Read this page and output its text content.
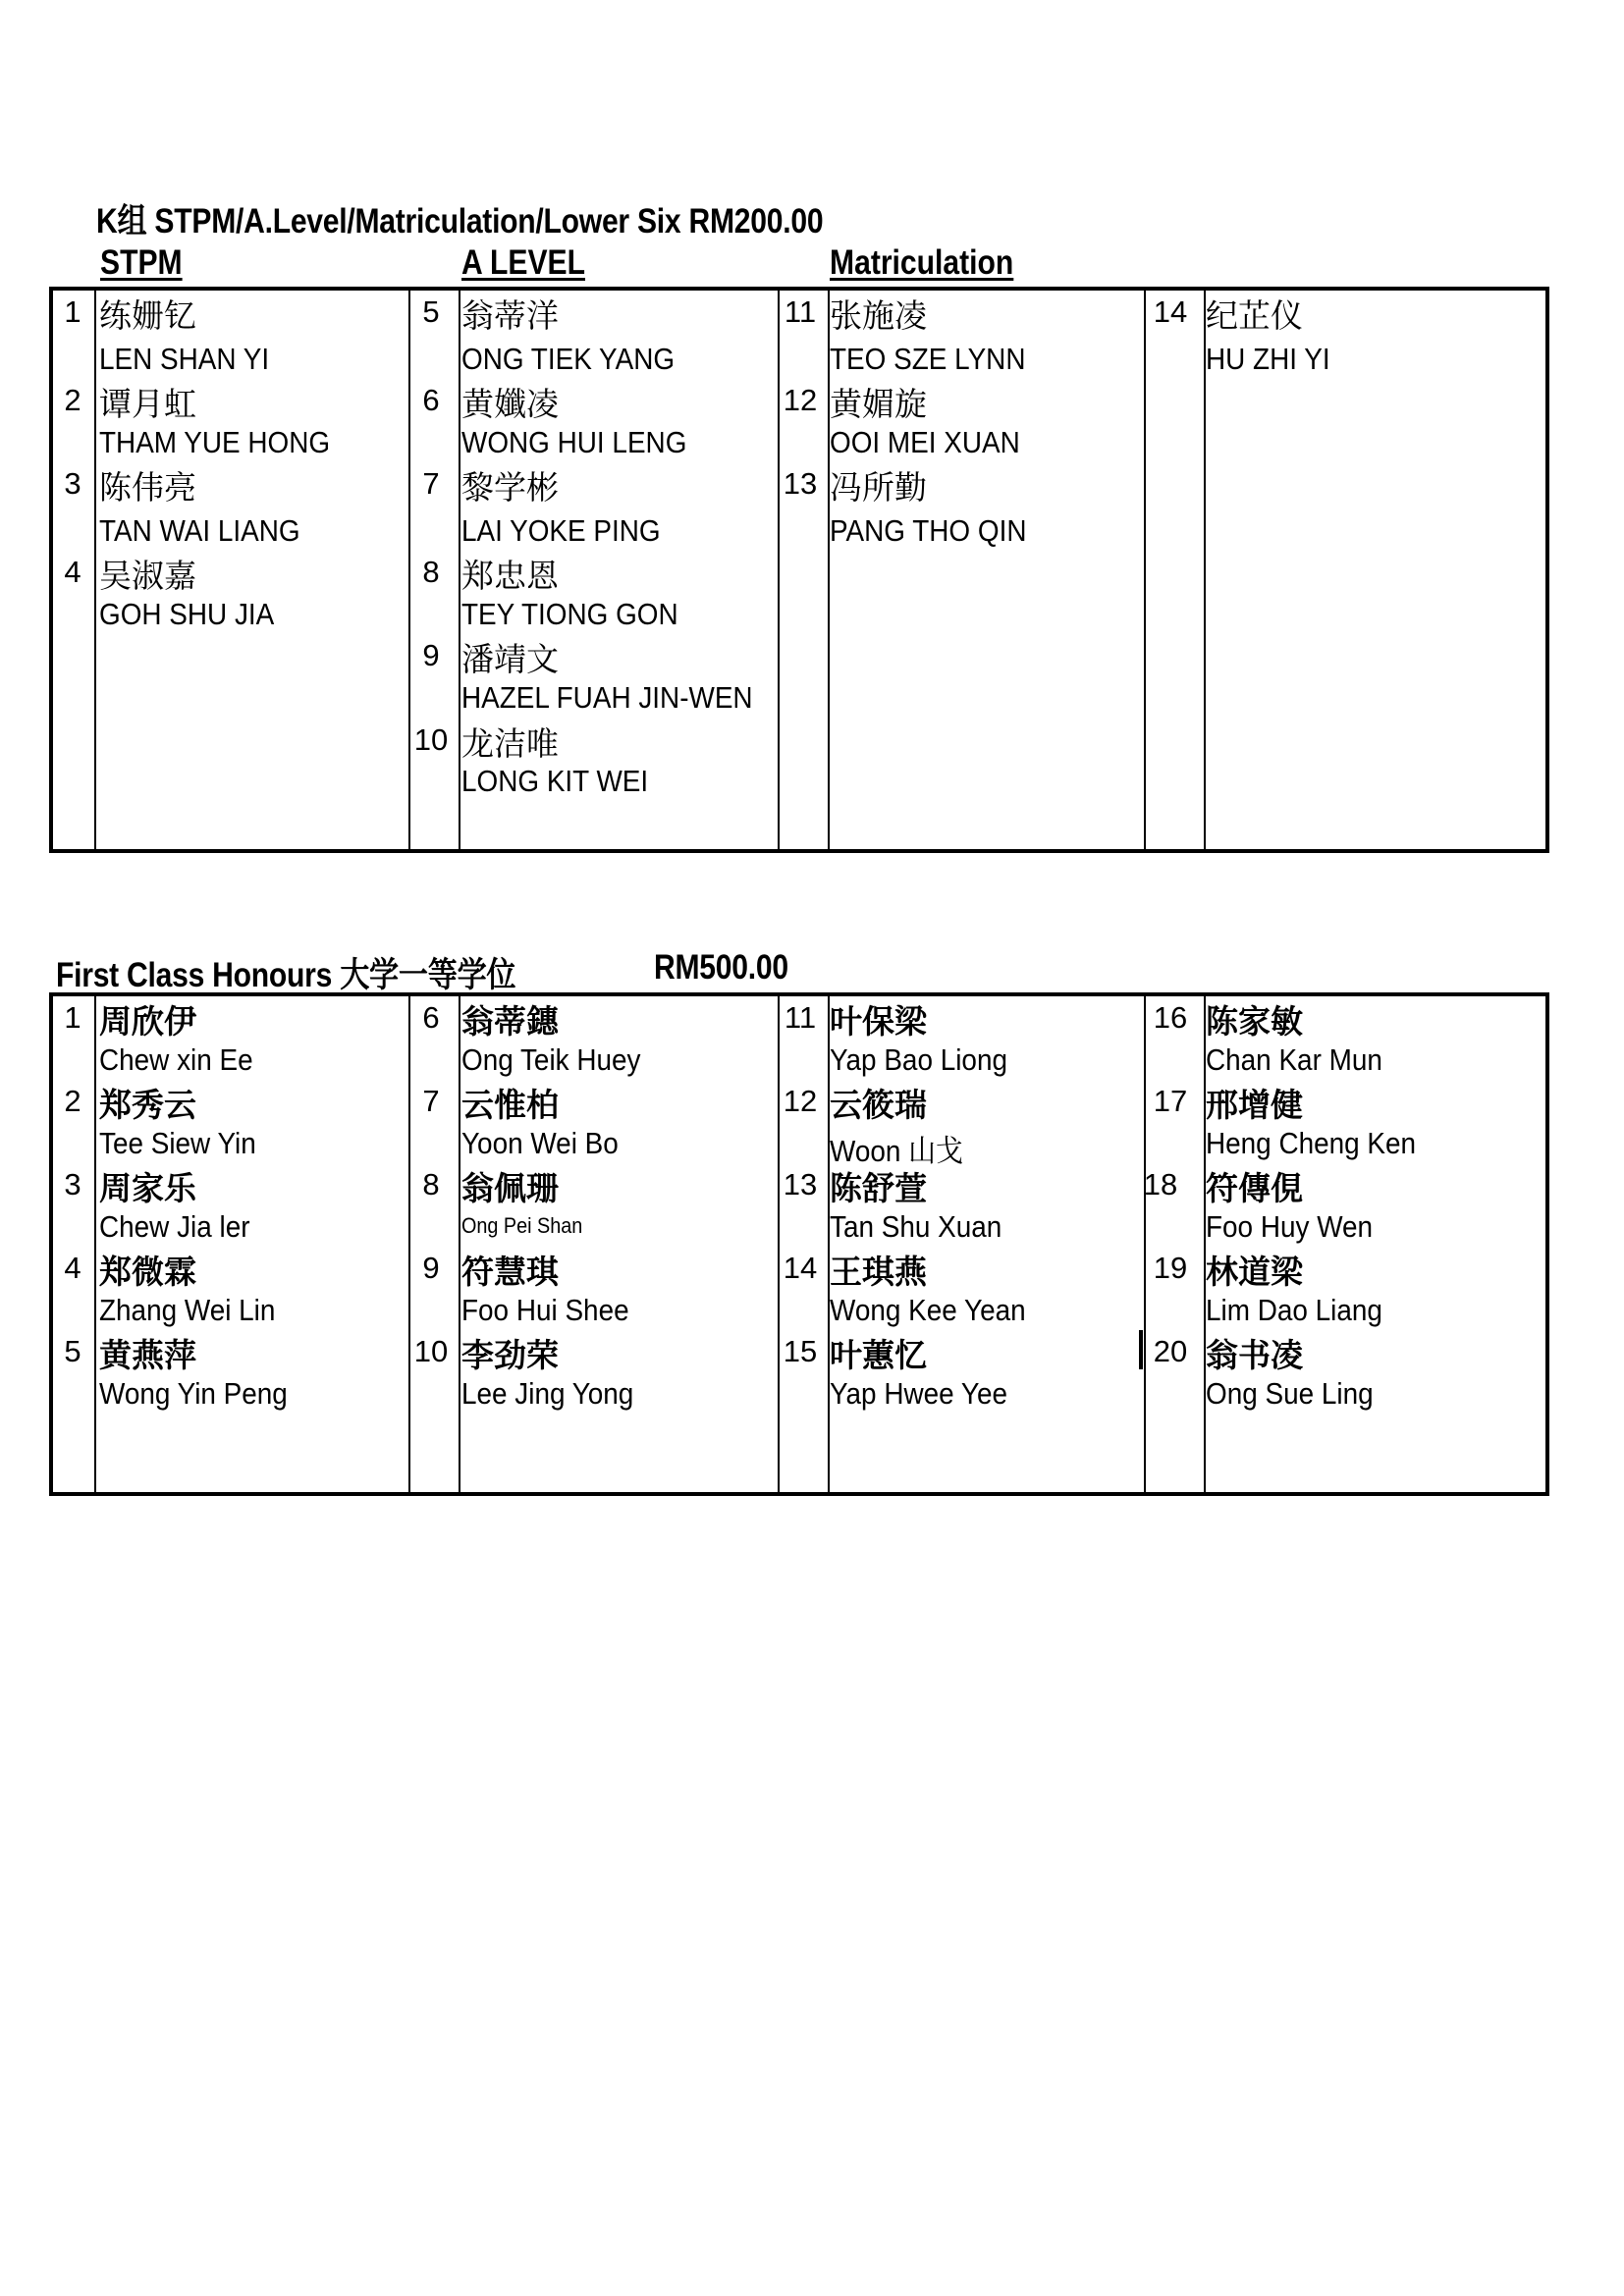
K组 STPM/A.Level/Matriculation/Lower Six RM200.00
STPM	A LEVEL	Matriculation
1 练姗钇
LEN SHAN YI
2 谭月虹
THAM YUE HONG
3 陈伟亮
TAN WAI LIANG
4 吴淑嘉
GOH SHU JIA
5 翁蒂洋
ONG TIEK YANG
6 黄孅凌
WONG HUI LENG
7 黎学彬
LAI YOKE PING
8 郑忠恩
TEY TIONG GON
9 潘靖文
HAZEL FUAH JIN-WEN
10 龙洁唯
LONG KIT WEI
11 张施凌
TEO SZE LYNN
12 黄媚旋
OOI MEI XUAN
13 冯所勤
PANG THO QIN
14 纪芷仪
HU ZHI YI
First Class Honours 大学一等学位	RM500.00
1 周欣伊
Chew xin Ee
2 郑秀云
Tee Siew Yin
3 周家乐
Chew Jia ler
4 郑微霖
Zhang Wei Lin
5 黄燕萍
Wong Yin Peng
6 翁蒂鏸
Ong Teik Huey
7 云惟柏
Yoon Wei Bo
8 翁佩珊
Ong Pei Shan
9 符慧琪
Foo Hui Shee
10 李劲荣
Lee Jing Yong
11 叶保梁
Yap Bao Liong
12 云筱瑞
Woon 山戈
13 陈舒萱
Tan Shu Xuan
14 王琪燕
Wong Kee Yean
15 叶蕙忆
Yap Hwee Yee
16 陈家敏
Chan Kar Mun
17 邢增健
Heng Cheng Ken
18 符傳俔
Foo Huy Wen
19 林道梁
Lim Dao Liang
20 翁书凌
Ong Sue Ling
